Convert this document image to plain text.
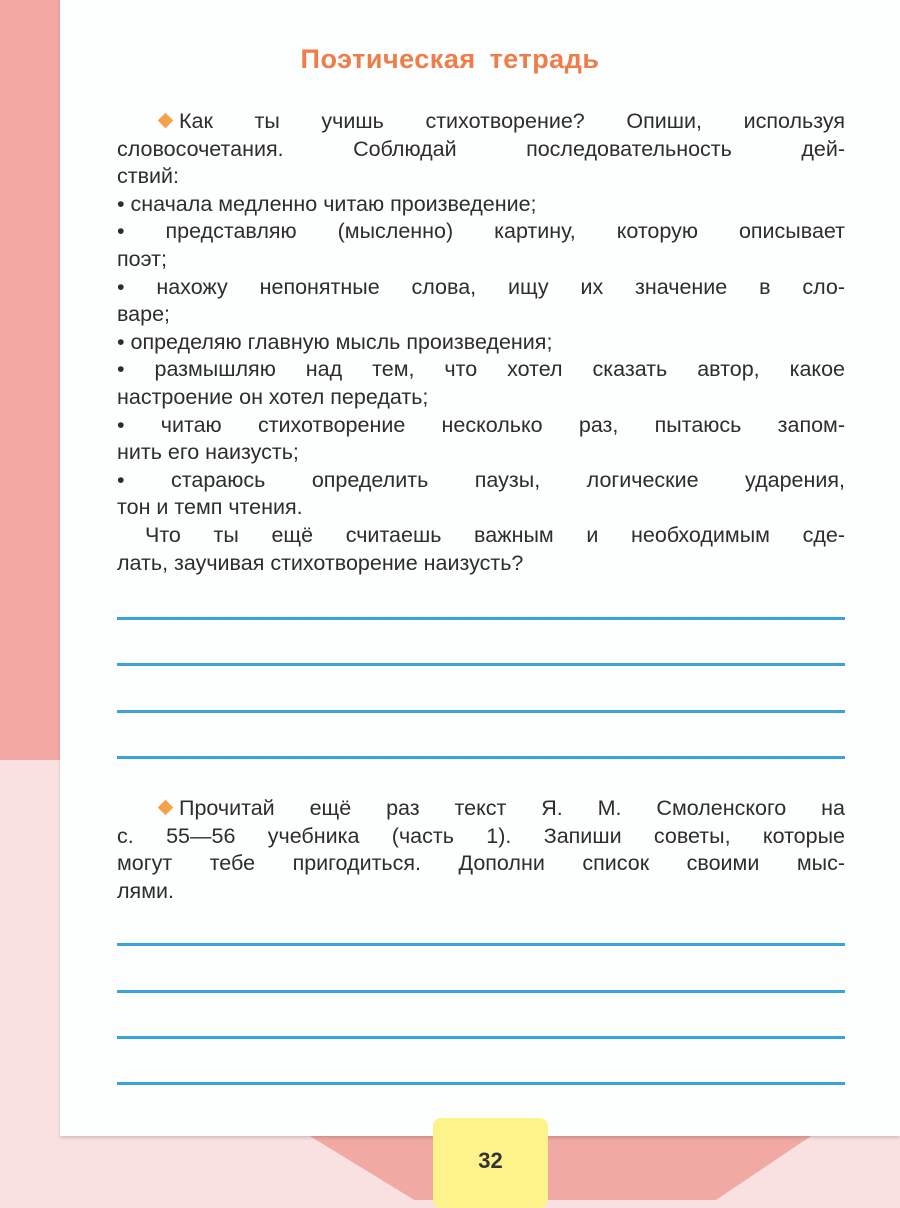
Поэтическая тетрадь
Как ты учишь стихотворение? Опиши, используя
словосочетания. Соблюдай последовательность дей-
ствий:
• сначала медленно читаю произведение;
• представляю (мысленно) картину, которую описывает
поэт;
• нахожу непонятные слова, ищу их значение в сло-
варе;
• определяю главную мысль произведения;
• размышляю над тем, что хотел сказать автор, какое
настроение он хотел передать;
• читаю стихотворение несколько раз, пытаюсь запом-
нить его наизусть;
• стараюсь определить паузы, логические ударения,
тон и темп чтения.
Что ты ещё считаешь важным и необходимым сде-
лать, заучивая стихотворение наизусть?
Прочитай ещё раз текст Я. М. Смоленского на
с. 55—56 учебника (часть 1). Запиши советы, которые
могут тебе пригодиться. Дополни список своими мыс-
лями.
32
